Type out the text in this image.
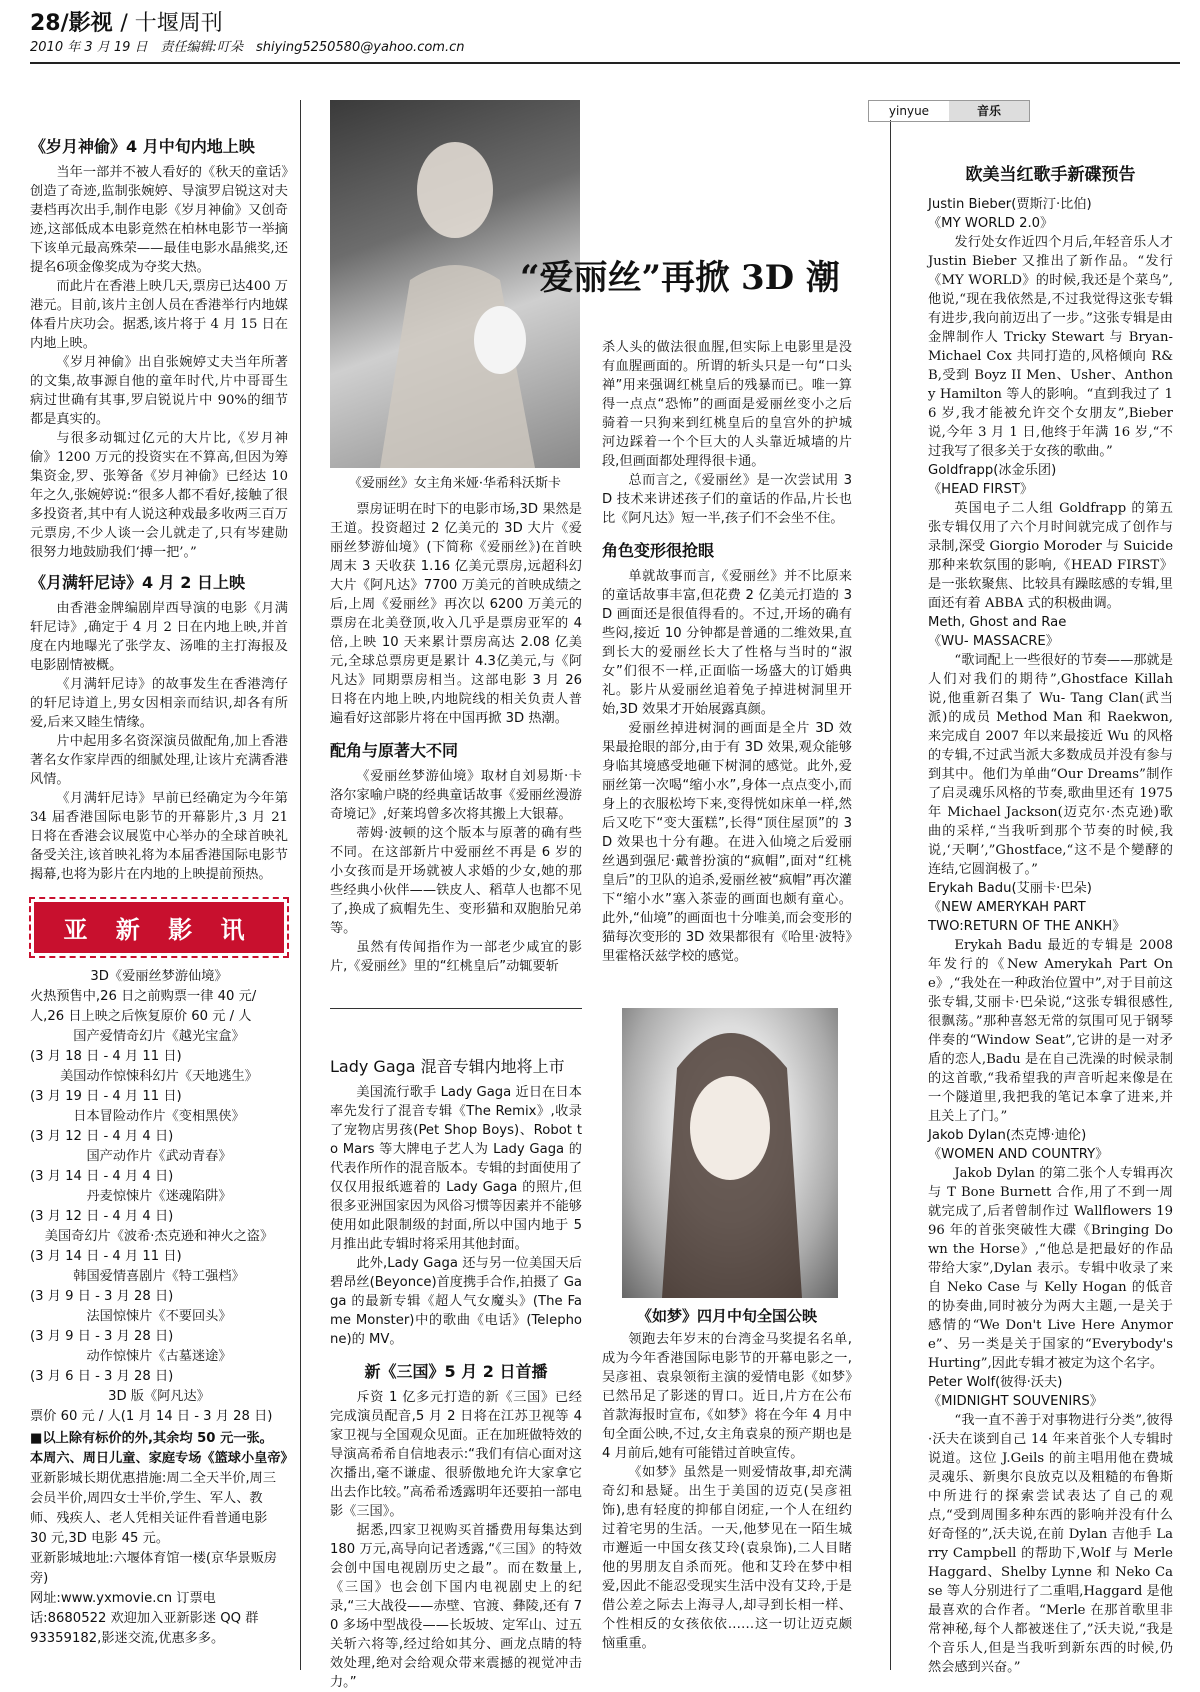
28/影视 / 十堰周刊
2010 年 3 月 19 日　责任编辑:叮朵　shiying5250580@yahoo.com.cn
《岁月神偷》4 月中旬内地上映

当年一部并不被人看好的《秋天的童话》创造了奇迹,监制张婉婷、导演罗启锐这对夫妻档再次出手,制作电影《岁月神偷》又创奇迹,这部低成本电影竟然在柏林电影节一举摘下该单元最高殊荣——最佳电影水晶熊奖,还提名6项金像奖成为夺奖大热。

而此片在香港上映几天,票房已达400 万港元。目前,该片主创人员在香港举行内地媒体看片庆功会。据悉,该片将于 4 月 15 日在内地上映。

《岁月神偷》出自张婉婷丈夫当年所著的文集,故事源自他的童年时代,片中哥哥生病过世确有其事,罗启锐说片中 90%的细节都是真实的。

与很多动辄过亿元的大片比,《岁月神偷》1200 万元的投资实在不算高,但因为筹集资金,罗、张筹备《岁月神偷》已经达 10 年之久,张婉婷说:“很多人都不看好,接触了很多投资者,其中有人说这种戏最多收两三百万元票房,不少人谈一会儿就走了,只有岑建勋很努力地鼓励我们‘搏一把’。”

《月满轩尼诗》4 月 2 日上映

由香港金牌编剧岸西导演的电影《月满轩尼诗》,确定于 4 月 2 日在内地上映,并首度在内地曝光了张学友、汤唯的主打海报及电影剧情被概。

《月满轩尼诗》的故事发生在香港湾仔的轩尼诗道上,男女因相亲而结识,却各有所爱,后来又睦生情缘。

片中起用多名资深演员做配角,加上香港著名女作家岸西的细腻处理,让该片充满香港风情。

《月满轩尼诗》早前已经确定为今年第 34 届香港国际电影节的开幕影片,3 月 21 日将在香港会议展览中心举办的全球首映礼备受关注,该首映礼将为本届香港国际电影节揭幕,也将为影片在内地的上映提前预热。

亚 新 影 讯
3D《爱丽丝梦游仙境》
火热预售中,26 日之前购票一律 40 元/人,26 日上映之后恢复原价 60 元 / 人
国产爱情奇幻片《越光宝盒》
(3 月 18 日 - 4 月 11 日)
美国动作惊悚科幻片《天地逃生》
(3 月 19 日 - 4 月 11 日)
日本冒险动作片《变相黑侠》
(3 月 12 日 - 4 月 4 日)
国产动作片《武动青春》
(3 月 14 日 - 4 月 4 日)
丹麦惊悚片《迷魂陷阱》
(3 月 12 日 - 4 月 4 日)
美国奇幻片《波希·杰克逊和神火之盗》
(3 月 14 日 - 4 月 11 日)
韩国爱情喜剧片《特工强档》
(3 月 9 日 - 3 月 28 日)
法国惊悚片《不要回头》
(3 月 9 日 - 3 月 28 日)
动作惊悚片《古墓迷途》
(3 月 6 日 - 3 月 28 日)
3D 版《阿凡达》
票价 60 元 / 人(1 月 14 日 - 3 月 28 日)
■以上除有标价的外,其余均 50 元一张。
本周六、周日儿童、家庭专场《篮球小皇帝》
亚新影城长期优惠措施:周二全天半价,周三会员半价,周四女士半价,学生、军人、教师、残疾人、老人凭相关证件看普通电影 30 元,3D 电影 45 元。
亚新影城地址:六堰体育馆一楼(京华景贩房旁)
网址:www.yxmovie.cn 订票电话:8680522 欢迎加入亚新影迷 QQ 群 93359182,影迷交流,优惠多多。
《爱丽丝》女主角米娅·华希科沃斯卡
“爱丽丝”再掀 3D 潮

票房证明在时下的电影市场,3D 果然是王道。投资超过 2 亿美元的 3D 大片《爱丽丝梦游仙境》(下简称《爱丽丝》)在首映周末 3 天收获 1.16 亿美元票房,远超科幻大片《阿凡达》7700 万美元的首映成绩之后,上周《爱丽丝》再次以 6200 万美元的票房在北美登顶,收入几乎是票房亚军的 4 倍,上映 10 天来累计票房高达 2.08 亿美元,全球总票房更是累计 4.3亿美元,与《阿凡达》同期票房相当。这部电影 3 月 26 日将在内地上映,内地院线的相关负责人普遍看好这部影片将在中国再掀 3D 热潮。

配角与原著大不同

《爱丽丝梦游仙境》取材自刘易斯·卡洛尔家喻户晓的经典童话故事《爱丽丝漫游奇境记》,好莱坞曾多次将其搬上大银幕。

蒂姆·波顿的这个版本与原著的确有些不同。在这部新片中爱丽丝不再是 6 岁的小女孩而是开场就被人求婚的少女,她的那些经典小伙伴——铁皮人、稻草人也都不见了,换成了疯帽先生、变形猫和双胞胎兄弟等。

虽然有传闻指作为一部老少咸宜的影片,《爱丽丝》里的“红桃皇后”动辄要斩

Lady Gaga 混音专辑内地将上市

美国流行歌手 Lady Gaga 近日在日本率先发行了混音专辑《The Remix》,收录了宠物店男孩(Pet Shop Boys)、Robot to Mars 等大牌电子艺人为 Lady Gaga 的代表作所作的混音版本。专辑的封面使用了仅仅用报纸遮着的 Lady Gaga 的照片,但很多亚洲国家因为风俗习惯等因素并不能够使用如此限制级的封面,所以中国内地于 5 月推出此专辑时将采用其他封面。

此外,Lady Gaga 还与另一位美国天后碧昂丝(Beyonce)首度携手合作,拍摄了 Gaga 的最新专辑《超人气女魔头》(The Fame Monster)中的歌曲《电话》(Telephone)的 MV。

新《三国》5 月 2 日首播

斥资 1 亿多元打造的新《三国》已经完成演员配音,5 月 2 日将在江苏卫视等 4 家卫视与全国观众见面。正在加班做特效的导演高希希自信地表示:“我们有信心面对这次播出,毫不谦虚、很骄傲地允许大家拿它出去作比较。”高希希透露明年还要拍一部电影《三国》。

据悉,四家卫视购买首播费用每集达到 180 万元,高导向记者透露,“《三国》的特效会创中国电视剧历史之最”。而在数量上,《三国》也会创下国内电视剧史上的纪录,“三大战役——赤壁、官渡、彝陵,还有 70 多场中型战役——长坂坡、定军山、过五关斩六将等,经过给如其分、画龙点睛的特效处理,绝对会给观众带来震撼的视觉冲击力。”

杀人头的做法很血腥,但实际上电影里是没有血腥画面的。所谓的斩头只是一句“口头禅”用来强调红桃皇后的残暴而已。唯一算得一点点“恐怖”的画面是爱丽丝变小之后骑着一只狗来到红桃皇后的皇宫外的护城河边踩着一个个巨大的人头靠近城墙的片段,但画面都处理得很卡通。

总而言之,《爱丽丝》是一次尝试用 3D 技术来讲述孩子们的童话的作品,片长也比《阿凡达》短一半,孩子们不会坐不住。

角色变形很抢眼

单就故事而言,《爱丽丝》并不比原来的童话故事丰富,但花费 2 亿美元打造的 3D 画面还是很值得看的。不过,开场的确有些闷,接近 10 分钟都是普通的二维效果,直到长大的爱丽丝长大了性格与当时的“淑女”们很不一样,正面临一场盛大的订婚典礼。影片从爱丽丝追着兔子掉进树洞里开始,3D 效果才开始展露真颜。

爱丽丝掉进树洞的画面是全片 3D 效果最抢眼的部分,由于有 3D 效果,观众能够身临其境感受地砸下树洞的感觉。此外,爱丽丝第一次喝“缩小水”,身体一点点变小,而身上的衣服松垮下来,变得恍如床单一样,然后又吃下“变大蛋糕”,长得“顶住屋顶”的 3D 效果也十分有趣。在进入仙境之后爱丽丝遇到强尼·戴普扮演的“疯帽”,面对“红桃皇后”的卫队的追杀,爱丽丝被“疯帽”再次灌下“缩小水”塞入茶壶的画面也颇有童心。此外,“仙境”的画面也十分唯美,而会变形的猫每次变形的 3D 效果都很有《哈里·波特》里霍格沃兹学校的感觉。

《如梦》四月中旬全国公映

领跑去年岁末的台湾金马奖提名名单,成为今年香港国际电影节的开幕电影之一,吴彦祖、袁泉领衔主演的爱情电影《如梦》已然吊足了影迷的胃口。近日,片方在公布首款海报时宣布,《如梦》将在今年 4 月中旬全面公映,不过,女主角袁泉的预产期也是 4 月前后,她有可能错过首映宣传。

《如梦》虽然是一则爱情故事,却充满奇幻和悬疑。出生于美国的迈克(吴彦祖饰),患有轻度的抑郁自闭症,一个人在纽约过着宅男的生活。一天,他梦见在一陌生城市邂逅一中国女孩艾玲(袁泉饰),二人目睹他的男朋友自杀而死。他和艾玲在梦中相爱,因此不能忍受现实生活中没有艾玲,于是借公差之际去上海寻人,却寻到长相一样、个性相反的女孩依依……这一切让迈克颇恼重重。

yinyue	音乐
欧美当红歌手新碟预告

Justin Bieber(贾斯汀·比伯)

《MY WORLD 2.0》

发行处女作近四个月后,年轻音乐人才 Justin Bieber 又推出了新作品。“发行《MY WORLD》的时候,我还是个菜鸟”,他说,“现在我依然是,不过我觉得这张专辑有进步,我向前迈出了一步。”这张专辑是由金牌制作人 Tricky Stewart 与 Bryan- Michael Cox 共同打造的,风格倾向 R&B,受到 Boyz II Men、Usher、Anthony Hamilton 等人的影响。“直到我过了 16 岁,我才能被允许交个女朋友”,Bieber 说,今年 3 月 1 日,他终于年满 16 岁,“不过我写了很多关于女孩的歌曲。”

Goldfrapp(冰金乐团)

《HEAD FIRST》

英国电子二人组 Goldfrapp 的第五张专辑仅用了六个月时间就完成了创作与录制,深受 Giorgio Moroder 与 Suicide 那种来软氛围的影响,《HEAD FIRST》是一张软聚焦、比较具有躁眩感的专辑,里面还有着 ABBA 式的积极曲调。

Meth, Ghost and Rae

《WU- MASSACRE》

“歌词配上一些很好的节奏——那就是人们对我们的期待”,Ghostface Killah 说,他重新召集了 Wu- Tang Clan(武当派)的成员 Method Man 和 Raekwon,来完成自 2007 年以来最接近 Wu 的风格的专辑,不过武当派大多数成员并没有参与到其中。他们为单曲“Our Dreams”制作了启灵魂乐风格的节奏,歌曲里还有 1975 年 Michael Jackson(迈克尔·杰克逊)歌曲的采样,“当我听到那个节奏的时候,我说,‘天啊’,”Ghostface,“这不是个變酵的连结,它圆润极了。”

Erykah Badu(艾丽卡·巴朵)

《NEW AMERYKAH PART TWO:RETURN OF THE ANKH》

Erykah Badu 最近的专辑是 2008 年发行的《New Amerykah Part One》,“我处在一种政治位置中”,对于目前这张专辑,艾丽卡·巴朵说,“这张专辑很感性,很飘荡。”那种喜怒无常的氛围可见于钢琴伴奏的“Window Seat”,它讲的是一对矛盾的恋人,Badu 是在自己洗澡的时候录制的这首歌,“我希望我的声音听起来像是在一个隧道里,我把我的笔记本拿了进来,并且关上了门。”

Jakob Dylan(杰克博·迪伦)

《WOMEN AND COUNTRY》

Jakob Dylan 的第二张个人专辑再次与 T Bone Burnett 合作,用了不到一周就完成了,后者曾制作过 Wallflowers 1996 年的首张突破性大碟《Bringing Down the Horse》,“他总是把最好的作品带给大家”,Dylan 表示。专辑中收录了来自 Neko Case 与 Kelly Hogan 的低音的协奏曲,同时被分为两大主题,一是关于感情的“We Don't Live Here Anymore”、另一类是关于国家的“Everybody's Hurting”,因此专辑才被定为这个名字。

Peter Wolf(彼得·沃夫)

《MIDNIGHT SOUVENIRS》

“我一直不善于对事物进行分类”,彼得·沃夫在谈到自己 14 年来首张个人专辑时说道。这位 J.Geils 的前主唱用他在费城灵魂乐、新奥尔良放克以及粗糙的布鲁斯中所进行的探索尝试表达了自己的观点,“受到周围多种东西的影响并没有什么好奇怪的”,沃夫说,在前 Dylan 吉他手 Larry Campbell 的帮助下,Wolf 与 Merle Haggard、Shelby Lynne 和 Neko Case 等人分别进行了二重唱,Haggard 是他最喜欢的合作者。“Merle 在那首歌里非常神秘,每个人都被迷住了,”沃夫说,“我是个音乐人,但是当我听到新东西的时候,仍然会感到兴奋。”
